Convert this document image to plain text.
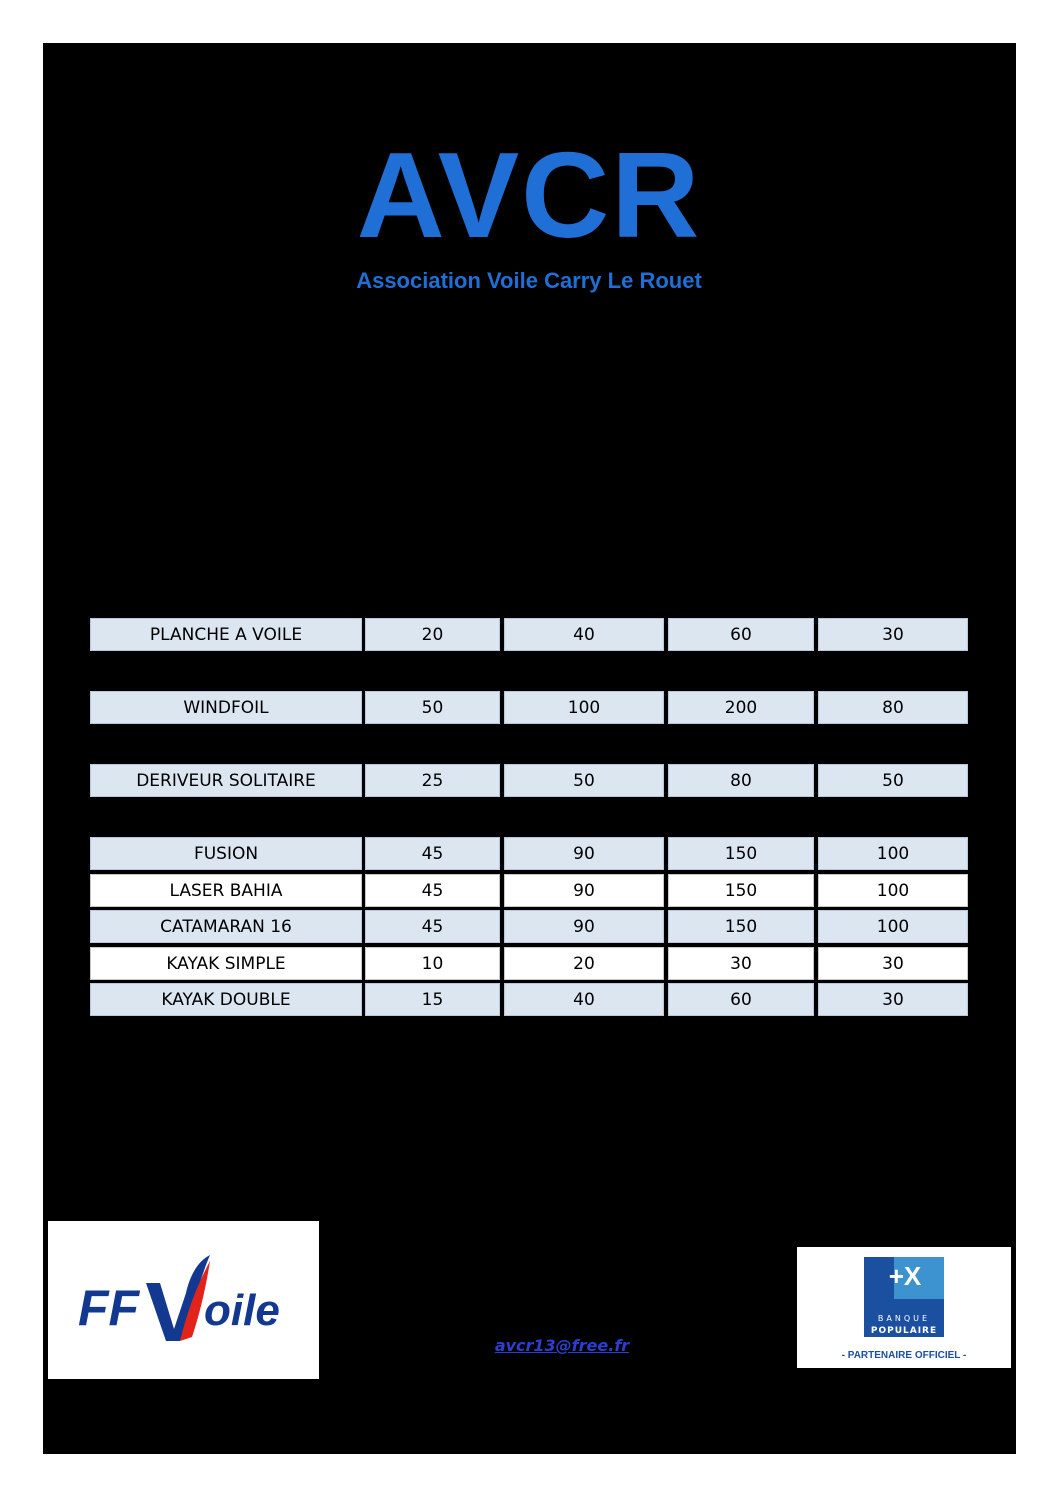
AVCR
Association Voile Carry Le Rouet
PLANCHE A VOILE	20	40	60	30
WINDFOIL	50	100	200	80
DERIVEUR SOLITAIRE	25	50	80	50
FUSION	45	90	150	100
LASER BAHIA	45	90	150	100
CATAMARAN 16	45	90	150	100
KAYAK SIMPLE	10	20	30	30
KAYAK DOUBLE	15	40	60	30
FF oile
+X
BANQUE
POPULAIRE
- PARTENAIRE OFFICIEL -
avcr13@free.fr
